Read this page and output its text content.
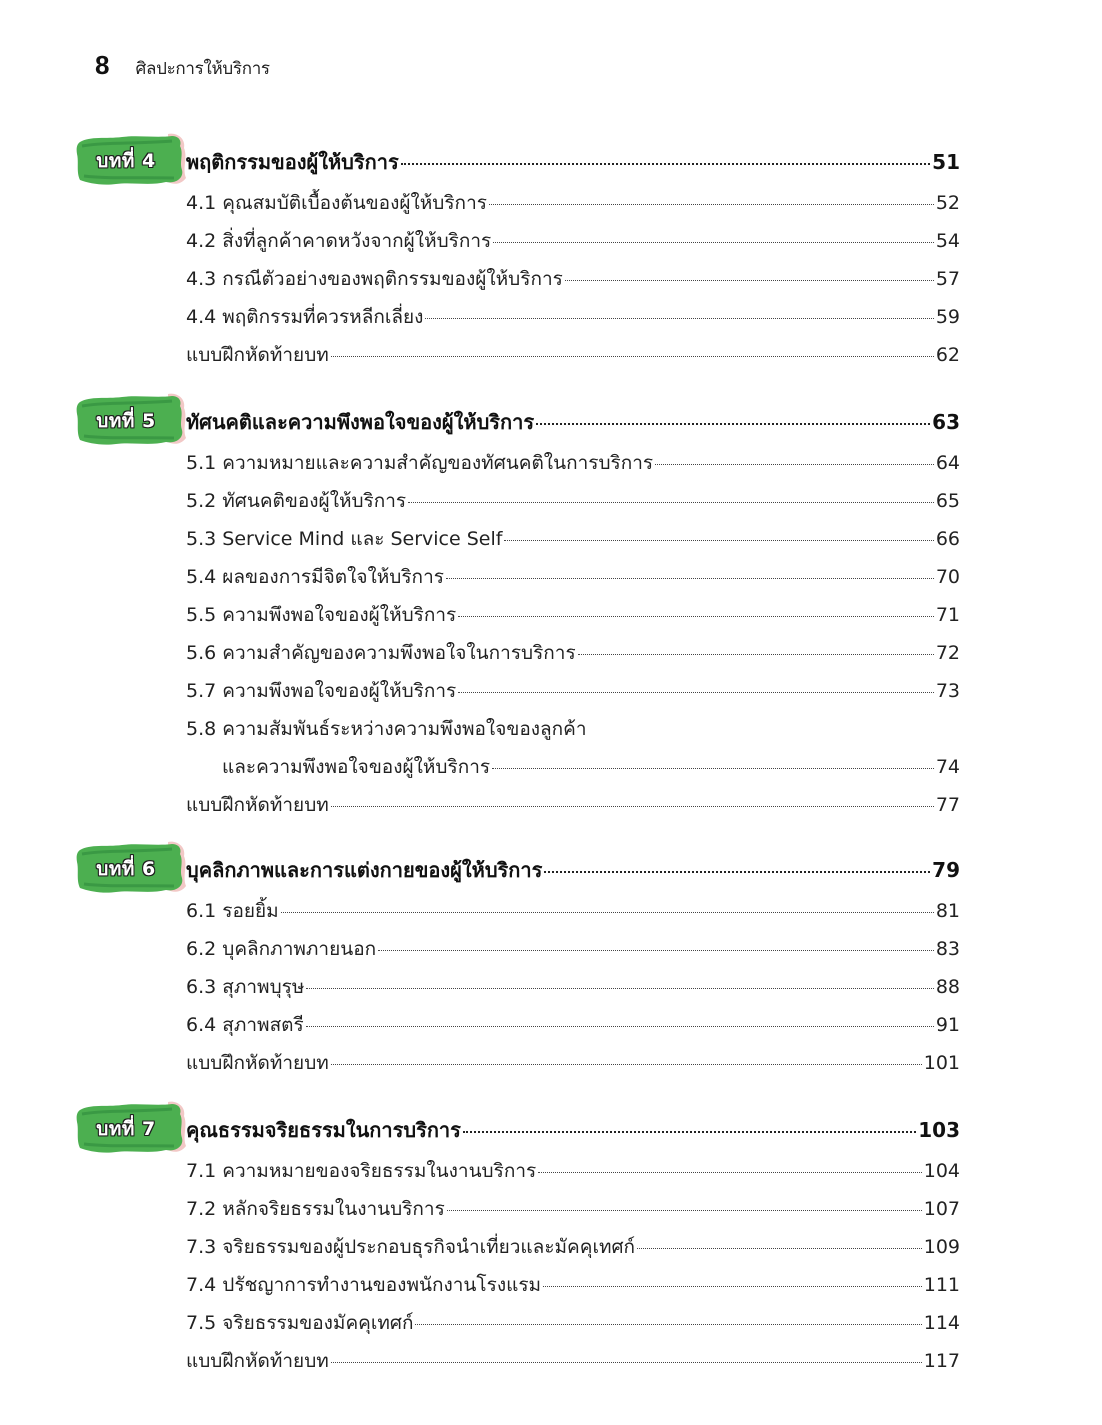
8 ศิลปะการให้บริการ
บทที่ 4	พฤติกรรมของผู้ให้บริการ	51
4.1 คุณสมบัติเบื้องต้นของผู้ให้บริการ	52
4.2 สิ่งที่ลูกค้าคาดหวังจากผู้ให้บริการ	54
4.3 กรณีตัวอย่างของพฤติกรรมของผู้ให้บริการ	57
4.4 พฤติกรรมที่ควรหลีกเลี่ยง	59
แบบฝึกหัดท้ายบท	62
บทที่ 5	ทัศนคติและความพึงพอใจของผู้ให้บริการ	63
5.1 ความหมายและความสำคัญของทัศนคติในการบริการ	64
5.2 ทัศนคติของผู้ให้บริการ	65
5.3 Service Mind และ Service Self	66
5.4 ผลของการมีจิตใจให้บริการ	70
5.5 ความพึงพอใจของผู้ให้บริการ	71
5.6 ความสำคัญของความพึงพอใจในการบริการ	72
5.7 ความพึงพอใจของผู้ให้บริการ	73
5.8 ความสัมพันธ์ระหว่างความพึงพอใจของลูกค้า
และความพึงพอใจของผู้ให้บริการ	74
แบบฝึกหัดท้ายบท	77
บทที่ 6	บุคลิกภาพและการแต่งกายของผู้ให้บริการ	79
6.1 รอยยิ้ม	81
6.2 บุคลิกภาพภายนอก	83
6.3 สุภาพบุรุษ	88
6.4 สุภาพสตรี	91
แบบฝึกหัดท้ายบท	101
บทที่ 7	คุณธรรมจริยธรรมในการบริการ	103
7.1 ความหมายของจริยธรรมในงานบริการ	104
7.2 หลักจริยธรรมในงานบริการ	107
7.3 จริยธรรมของผู้ประกอบธุรกิจนำเที่ยวและมัคคุเทศก์	109
7.4 ปรัชญาการทำงานของพนักงานโรงแรม	111
7.5 จริยธรรมของมัคคุเทศก์	114
แบบฝึกหัดท้ายบท	117
